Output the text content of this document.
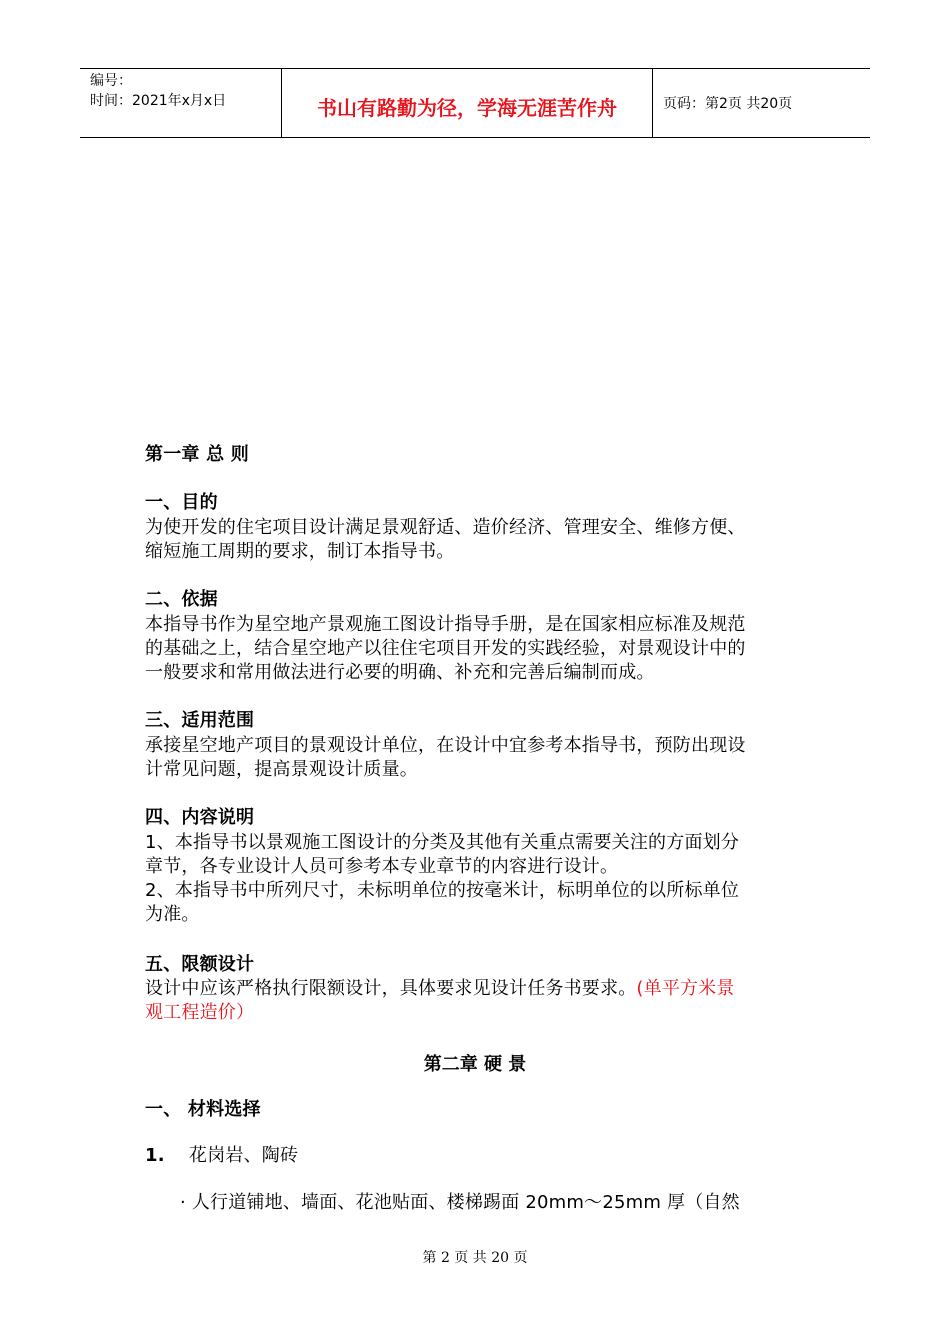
编号：
时间：2021年x月x日	书山有路勤为径，学海无涯苦作舟	页码：第2页 共20页
第一章 总 则
一、目的
为使开发的住宅项目设计满足景观舒适、造价经济、管理安全、维修方便、
缩短施工周期的要求，制订本指导书。
二、依据
本指导书作为星空地产景观施工图设计指导手册，是在国家相应标准及规范
的基础之上，结合星空地产以往住宅项目开发的实践经验，对景观设计中的
一般要求和常用做法进行必要的明确、补充和完善后编制而成。
三、适用范围
承接星空地产项目的景观设计单位，在设计中宜参考本指导书，预防出现设
计常见问题，提高景观设计质量。
四、内容说明
1、本指导书以景观施工图设计的分类及其他有关重点需要关注的方面划分
章节，各专业设计人员可参考本专业章节的内容进行设计。
2、本指导书中所列尺寸，未标明单位的按毫米计，标明单位的以所标单位
为准。
五、限额设计
设计中应该严格执行限额设计，具体要求见设计任务书要求。(单平方米景
观工程造价）
第二章 硬 景
一、 材料选择
1. 花岗岩、陶砖
· 人行道铺地、墙面、花池贴面、楼梯踢面 20mm～25mm 厚（自然
第 2 页 共 20 页
